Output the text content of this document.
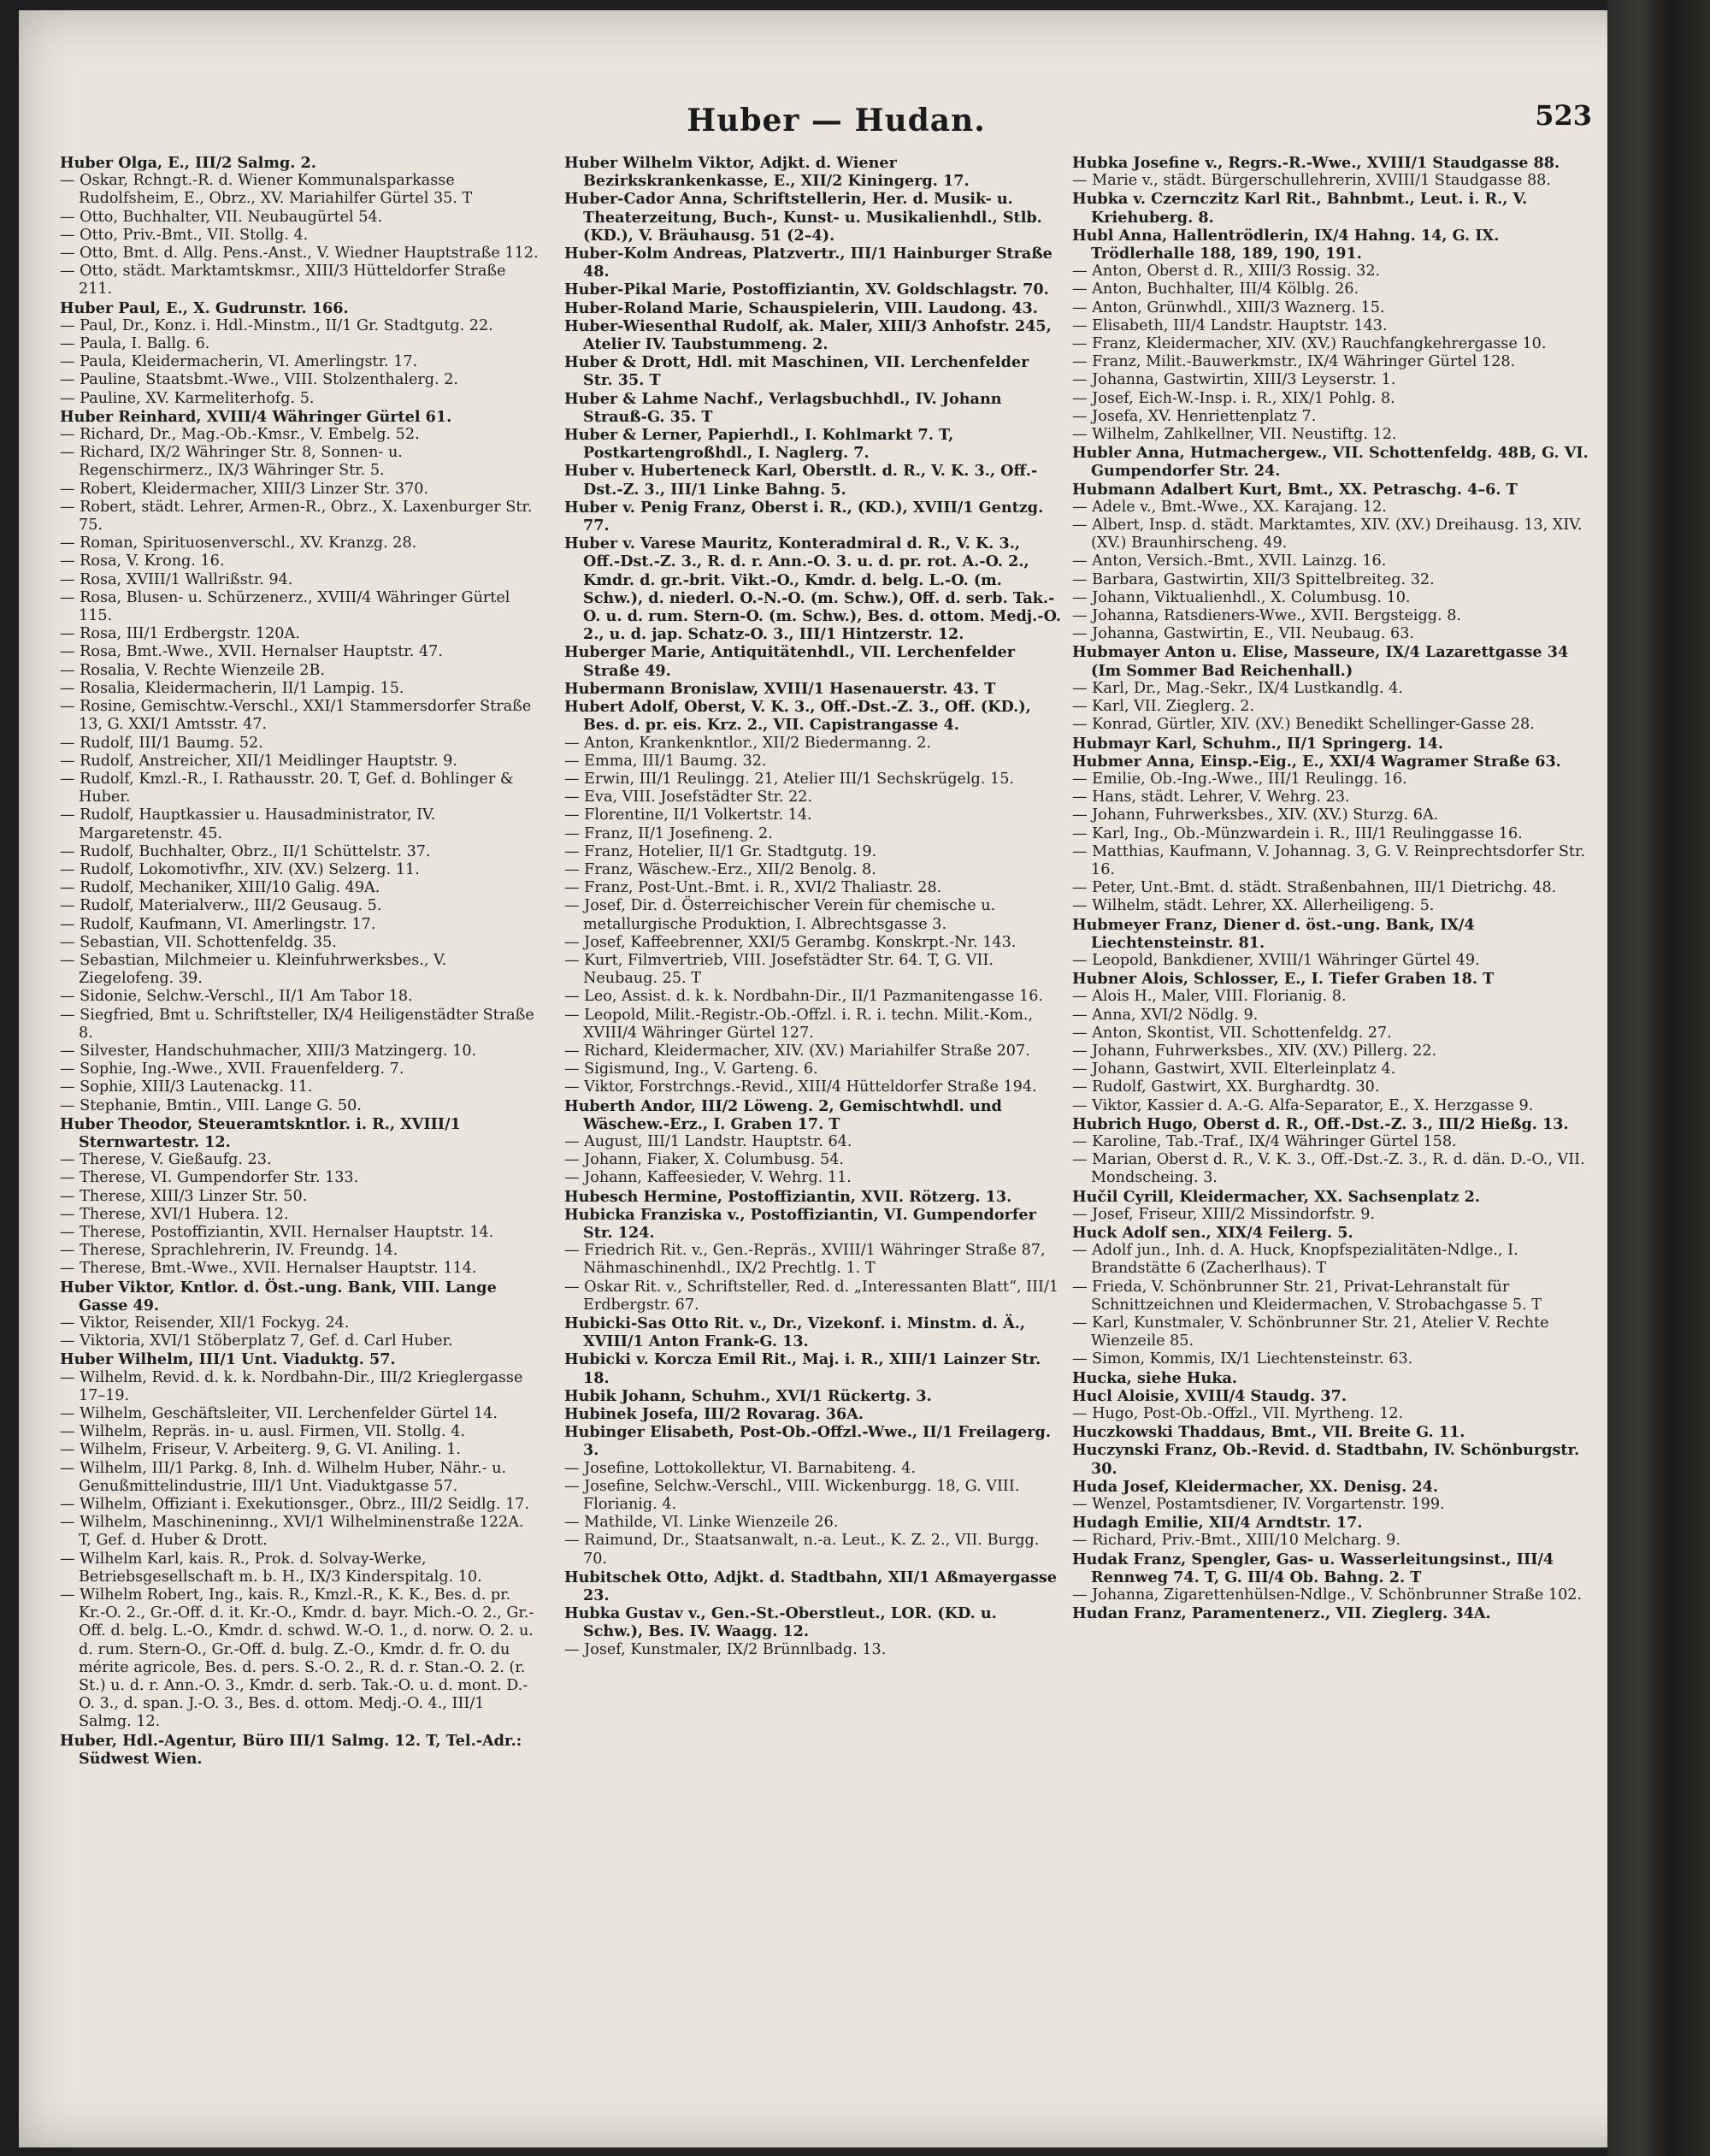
Huber — Hudan.	523

Huber Olga, E., III/2 Salmg. 2.

— Oskar, Rchngt.-R. d. Wiener Kommunalsparkasse Rudolfsheim, E., Obrz., XV. Mariahilfer Gürtel 35. T

— Otto, Buchhalter, VII. Neubaugürtel 54.

— Otto, Priv.-Bmt., VII. Stollg. 4.

— Otto, Bmt. d. Allg. Pens.-Anst., V. Wiedner Hauptstraße 112.

— Otto, städt. Marktamtskmsr., XIII/3 Hütteldorfer Straße 211.

Huber Paul, E., X. Gudrunstr. 166.

— Paul, Dr., Konz. i. Hdl.-Minstm., II/1 Gr. Stadtgutg. 22.

— Paula, I. Ballg. 6.

— Paula, Kleidermacherin, VI. Amerlingstr. 17.

— Pauline, Staatsbmt.-Wwe., VIII. Stolzenthalerg. 2.

— Pauline, XV. Karmeliterhofg. 5.

Huber Reinhard, XVIII/4 Währinger Gürtel 61.

— Richard, Dr., Mag.-Ob.-Kmsr., V. Embelg. 52.

— Richard, IX/2 Währinger Str. 8, Sonnen- u. Regenschirmerz., IX/3 Währinger Str. 5.

— Robert, Kleidermacher, XIII/3 Linzer Str. 370.

— Robert, städt. Lehrer, Armen-R., Obrz., X. Laxenburger Str. 75.

— Roman, Spirituosenverschl., XV. Kranzg. 28.

— Rosa, V. Krong. 16.

— Rosa, XVIII/1 Wallrißstr. 94.

— Rosa, Blusen- u. Schürzenerz., XVIII/4 Währinger Gürtel 115.

— Rosa, III/1 Erdbergstr. 120A.

— Rosa, Bmt.-Wwe., XVII. Hernalser Hauptstr. 47.

— Rosalia, V. Rechte Wienzeile 2B.

— Rosalia, Kleidermacherin, II/1 Lampig. 15.

— Rosine, Gemischtw.-Verschl., XXI/1 Stammersdorfer Straße 13, G. XXI/1 Amtsstr. 47.

— Rudolf, III/1 Baumg. 52.

— Rudolf, Anstreicher, XII/1 Meidlinger Hauptstr. 9.

— Rudolf, Kmzl.-R., I. Rathausstr. 20. T, Gef. d. Bohlinger & Huber.

— Rudolf, Hauptkassier u. Hausadministrator, IV. Margaretenstr. 45.

— Rudolf, Buchhalter, Obrz., II/1 Schüttelstr. 37.

— Rudolf, Lokomotivfhr., XIV. (XV.) Selzerg. 11.

— Rudolf, Mechaniker, XIII/10 Galig. 49A.

— Rudolf, Materialverw., III/2 Geusaug. 5.

— Rudolf, Kaufmann, VI. Amerlingstr. 17.

— Sebastian, VII. Schottenfeldg. 35.

— Sebastian, Milchmeier u. Kleinfuhrwerksbes., V. Ziegelofeng. 39.

— Sidonie, Selchw.-Verschl., II/1 Am Tabor 18.

— Siegfried, Bmt u. Schriftsteller, IX/4 Heiligenstädter Straße 8.

— Silvester, Handschuhmacher, XIII/3 Matzingerg. 10.

— Sophie, Ing.-Wwe., XVII. Frauenfelderg. 7.

— Sophie, XIII/3 Lautenackg. 11.

— Stephanie, Bmtin., VIII. Lange G. 50.

Huber Theodor, Steueramtskntlor. i. R., XVIII/1 Sternwartestr. 12.

— Therese, V. Gießaufg. 23.

— Therese, VI. Gumpendorfer Str. 133.

— Therese, XIII/3 Linzer Str. 50.

— Therese, XVI/1 Hubera. 12.

— Therese, Postoffiziantin, XVII. Hernalser Hauptstr. 14.

— Therese, Sprachlehrerin, IV. Freundg. 14.

— Therese, Bmt.-Wwe., XVII. Hernalser Hauptstr. 114.

Huber Viktor, Kntlor. d. Öst.-ung. Bank, VIII. Lange Gasse 49.

— Viktor, Reisender, XII/1 Fockyg. 24.

— Viktoria, XVI/1 Stöberplatz 7, Gef. d. Carl Huber.

Huber Wilhelm, III/1 Unt. Viaduktg. 57.

— Wilhelm, Revid. d. k. k. Nordbahn-Dir., III/2 Krieglergasse 17–19.

— Wilhelm, Geschäftsleiter, VII. Lerchenfelder Gürtel 14.

— Wilhelm, Repräs. in- u. ausl. Firmen, VII. Stollg. 4.

— Wilhelm, Friseur, V. Arbeiterg. 9, G. VI. Aniling. 1.

— Wilhelm, III/1 Parkg. 8, Inh. d. Wilhelm Huber, Nähr.- u. Genußmittelindustrie, III/1 Unt. Viaduktgasse 57.

— Wilhelm, Offiziant i. Exekutionsger., Obrz., III/2 Seidlg. 17.

— Wilhelm, Maschineninng., XVI/1 Wilhelminenstraße 122A. T, Gef. d. Huber & Drott.

— Wilhelm Karl, kais. R., Prok. d. Solvay-Werke, Betriebsgesellschaft m. b. H., IX/3 Kinderspitalg. 10.

— Wilhelm Robert, Ing., kais. R., Kmzl.-R., K. K., Bes. d. pr. Kr.-O. 2., Gr.-Off. d. it. Kr.-O., Kmdr. d. bayr. Mich.-O. 2., Gr.-Off. d. belg. L.-O., Kmdr. d. schwd. W.-O. 1., d. norw. O. 2. u. d. rum. Stern-O., Gr.-Off. d. bulg. Z.-O., Kmdr. d. fr. O. du mérite agricole, Bes. d. pers. S.-O. 2., R. d. r. Stan.-O. 2. (r. St.) u. d. r. Ann.-O. 3., Kmdr. d. serb. Tak.-O. u. d. mont. D.-O. 3., d. span. J.-O. 3., Bes. d. ottom. Medj.-O. 4., III/1 Salmg. 12.

Huber, Hdl.-Agentur, Büro III/1 Salmg. 12. T, Tel.-Adr.: Südwest Wien.

Huber Wilhelm Viktor, Adjkt. d. Wiener Bezirkskrankenkasse, E., XII/2 Kiningerg. 17.

Huber-Cador Anna, Schriftstellerin, Her. d. Musik- u. Theaterzeitung, Buch-, Kunst- u. Musikalienhdl., Stlb. (KD.), V. Bräuhausg. 51 (2–4).

Huber-Kolm Andreas, Platzvertr., III/1 Hainburger Straße 48.

Huber-Pikal Marie, Postoffiziantin, XV. Goldschlagstr. 70.

Huber-Roland Marie, Schauspielerin, VIII. Laudong. 43.

Huber-Wiesenthal Rudolf, ak. Maler, XIII/3 Anhofstr. 245, Atelier IV. Taubstummeng. 2.

Huber & Drott, Hdl. mit Maschinen, VII. Lerchenfelder Str. 35. T

Huber & Lahme Nachf., Verlagsbuchhdl., IV. Johann Strauß-G. 35. T

Huber & Lerner, Papierhdl., I. Kohlmarkt 7. T, Postkartengroßhdl., I. Naglerg. 7.

Huber v. Huberteneck Karl, Oberstlt. d. R., V. K. 3., Off.-Dst.-Z. 3., III/1 Linke Bahng. 5.

Huber v. Penig Franz, Oberst i. R., (KD.), XVIII/1 Gentzg. 77.

Huber v. Varese Mauritz, Konteradmiral d. R., V. K. 3., Off.-Dst.-Z. 3., R. d. r. Ann.-O. 3. u. d. pr. rot. A.-O. 2., Kmdr. d. gr.-brit. Vikt.-O., Kmdr. d. belg. L.-O. (m. Schw.), d. niederl. O.-N.-O. (m. Schw.), Off. d. serb. Tak.-O. u. d. rum. Stern-O. (m. Schw.), Bes. d. ottom. Medj.-O. 2., u. d. jap. Schatz-O. 3., III/1 Hintzerstr. 12.

Huberger Marie, Antiquitätenhdl., VII. Lerchenfelder Straße 49.

Hubermann Bronislaw, XVIII/1 Hasenauerstr. 43. T

Hubert Adolf, Oberst, V. K. 3., Off.-Dst.-Z. 3., Off. (KD.), Bes. d. pr. eis. Krz. 2., VII. Capistrangasse 4.

— Anton, Krankenkntlor., XII/2 Biedermanng. 2.

— Emma, III/1 Baumg. 32.

— Erwin, III/1 Reulingg. 21, Atelier III/1 Sechskrügelg. 15.

— Eva, VIII. Josefstädter Str. 22.

— Florentine, II/1 Volkertstr. 14.

— Franz, II/1 Josefineng. 2.

— Franz, Hotelier, II/1 Gr. Stadtgutg. 19.

— Franz, Wäschew.-Erz., XII/2 Benolg. 8.

— Franz, Post-Unt.-Bmt. i. R., XVI/2 Thaliastr. 28.

— Josef, Dir. d. Österreichischer Verein für chemische u. metallurgische Produktion, I. Albrechtsgasse 3.

— Josef, Kaffeebrenner, XXI/5 Gerambg. Konskrpt.-Nr. 143.

— Kurt, Filmvertrieb, VIII. Josefstädter Str. 64. T, G. VII. Neubaug. 25. T

— Leo, Assist. d. k. k. Nordbahn-Dir., II/1 Pazmanitengasse 16.

— Leopold, Milit.-Registr.-Ob.-Offzl. i. R. i. techn. Milit.-Kom., XVIII/4 Währinger Gürtel 127.

— Richard, Kleidermacher, XIV. (XV.) Mariahilfer Straße 207.

— Sigismund, Ing., V. Garteng. 6.

— Viktor, Forstrchngs.-Revid., XIII/4 Hütteldorfer Straße 194.

Huberth Andor, III/2 Löweng. 2, Gemischtwhdl. und Wäschew.-Erz., I. Graben 17. T

— August, III/1 Landstr. Hauptstr. 64.

— Johann, Fiaker, X. Columbusg. 54.

— Johann, Kaffeesieder, V. Wehrg. 11.

Hubesch Hermine, Postoffiziantin, XVII. Rötzerg. 13.

Hubicka Franziska v., Postoffiziantin, VI. Gumpendorfer Str. 124.

— Friedrich Rit. v., Gen.-Repräs., XVIII/1 Währinger Straße 87, Nähmaschinenhdl., IX/2 Prechtlg. 1. T

— Oskar Rit. v., Schriftsteller, Red. d. „Interessanten Blatt“, III/1 Erdbergstr. 67.

Hubicki-Sas Otto Rit. v., Dr., Vizekonf. i. Minstm. d. Ä., XVIII/1 Anton Frank-G. 13.

Hubicki v. Korcza Emil Rit., Maj. i. R., XIII/1 Lainzer Str. 18.

Hubik Johann, Schuhm., XVI/1 Rückertg. 3.

Hubinek Josefa, III/2 Rovarag. 36A.

Hubinger Elisabeth, Post-Ob.-Offzl.-Wwe., II/1 Freilagerg. 3.

— Josefine, Lottokollektur, VI. Barnabiteng. 4.

— Josefine, Selchw.-Verschl., VIII. Wickenburgg. 18, G. VIII. Florianig. 4.

— Mathilde, VI. Linke Wienzeile 26.

— Raimund, Dr., Staatsanwalt, n.-a. Leut., K. Z. 2., VII. Burgg. 70.

Hubitschek Otto, Adjkt. d. Stadtbahn, XII/1 Aßmayergasse 23.

Hubka Gustav v., Gen.-St.-Oberstleut., LOR. (KD. u. Schw.), Bes. IV. Waagg. 12.

— Josef, Kunstmaler, IX/2 Brünnlbadg. 13.

Hubka Josefine v., Regrs.-R.-Wwe., XVIII/1 Staudgasse 88.

— Marie v., städt. Bürgerschullehrerin, XVIII/1 Staudgasse 88.

Hubka v. Czernczitz Karl Rit., Bahnbmt., Leut. i. R., V. Kriehuberg. 8.

Hubl Anna, Hallentrödlerin, IX/4 Hahng. 14, G. IX. Trödlerhalle 188, 189, 190, 191.

— Anton, Oberst d. R., XIII/3 Rossig. 32.

— Anton, Buchhalter, III/4 Kölblg. 26.

— Anton, Grünwhdl., XIII/3 Waznerg. 15.

— Elisabeth, III/4 Landstr. Hauptstr. 143.

— Franz, Kleidermacher, XIV. (XV.) Rauchfangkehrergasse 10.

— Franz, Milit.-Bauwerkmstr., IX/4 Währinger Gürtel 128.

— Johanna, Gastwirtin, XIII/3 Leyserstr. 1.

— Josef, Eich-W.-Insp. i. R., XIX/1 Pohlg. 8.

— Josefa, XV. Henriettenplatz 7.

— Wilhelm, Zahlkellner, VII. Neustiftg. 12.

Hubler Anna, Hutmachergew., VII. Schottenfeldg. 48B, G. VI. Gumpendorfer Str. 24.

Hubmann Adalbert Kurt, Bmt., XX. Petraschg. 4–6. T

— Adele v., Bmt.-Wwe., XX. Karajang. 12.

— Albert, Insp. d. städt. Marktamtes, XIV. (XV.) Dreihausg. 13, XIV. (XV.) Braunhirscheng. 49.

— Anton, Versich.-Bmt., XVII. Lainzg. 16.

— Barbara, Gastwirtin, XII/3 Spittelbreiteg. 32.

— Johann, Viktualienhdl., X. Columbusg. 10.

— Johanna, Ratsdieners-Wwe., XVII. Bergsteigg. 8.

— Johanna, Gastwirtin, E., VII. Neubaug. 63.

Hubmayer Anton u. Elise, Masseure, IX/4 Lazarettgasse 34 (Im Sommer Bad Reichenhall.)

— Karl, Dr., Mag.-Sekr., IX/4 Lustkandlg. 4.

— Karl, VII. Zieglerg. 2.

— Konrad, Gürtler, XIV. (XV.) Benedikt Schellinger-Gasse 28.

Hubmayr Karl, Schuhm., II/1 Springerg. 14.

Hubmer Anna, Einsp.-Eig., E., XXI/4 Wagramer Straße 63.

— Emilie, Ob.-Ing.-Wwe., III/1 Reulingg. 16.

— Hans, städt. Lehrer, V. Wehrg. 23.

— Johann, Fuhrwerksbes., XIV. (XV.) Sturzg. 6A.

— Karl, Ing., Ob.-Münzwardein i. R., III/1 Reulinggasse 16.

— Matthias, Kaufmann, V. Johannag. 3, G. V. Reinprechtsdorfer Str. 16.

— Peter, Unt.-Bmt. d. städt. Straßenbahnen, III/1 Dietrichg. 48.

— Wilhelm, städt. Lehrer, XX. Allerheiligeng. 5.

Hubmeyer Franz, Diener d. öst.-ung. Bank, IX/4 Liechtensteinstr. 81.

— Leopold, Bankdiener, XVIII/1 Währinger Gürtel 49.

Hubner Alois, Schlosser, E., I. Tiefer Graben 18. T

— Alois H., Maler, VIII. Florianig. 8.

— Anna, XVI/2 Nödlg. 9.

— Anton, Skontist, VII. Schottenfeldg. 27.

— Johann, Fuhrwerksbes., XIV. (XV.) Pillerg. 22.

— Johann, Gastwirt, XVII. Elterleinplatz 4.

— Rudolf, Gastwirt, XX. Burghardtg. 30.

— Viktor, Kassier d. A.-G. Alfa-Separator, E., X. Herzgasse 9.

Hubrich Hugo, Oberst d. R., Off.-Dst.-Z. 3., III/2 Hießg. 13.

— Karoline, Tab.-Traf., IX/4 Währinger Gürtel 158.

— Marian, Oberst d. R., V. K. 3., Off.-Dst.-Z. 3., R. d. dän. D.-O., VII. Mondscheing. 3.

Hučil Cyrill, Kleidermacher, XX. Sachsenplatz 2.

— Josef, Friseur, XIII/2 Missindorfstr. 9.

Huck Adolf sen., XIX/4 Feilerg. 5.

— Adolf jun., Inh. d. A. Huck, Knopfspezialitäten-Ndlge., I. Brandstätte 6 (Zacherlhaus). T

— Frieda, V. Schönbrunner Str. 21, Privat-Lehranstalt für Schnittzeichnen und Kleidermachen, V. Strobachgasse 5. T

— Karl, Kunstmaler, V. Schönbrunner Str. 21, Atelier V. Rechte Wienzeile 85.

— Simon, Kommis, IX/1 Liechtensteinstr. 63.

Hucka, siehe Huka.

Hucl Aloisie, XVIII/4 Staudg. 37.

— Hugo, Post-Ob.-Offzl., VII. Myrtheng. 12.

Huczkowski Thaddaus, Bmt., VII. Breite G. 11.

Huczynski Franz, Ob.-Revid. d. Stadtbahn, IV. Schönburgstr. 30.

Huda Josef, Kleidermacher, XX. Denisg. 24.

— Wenzel, Postamtsdiener, IV. Vorgartenstr. 199.

Hudagh Emilie, XII/4 Arndtstr. 17.

— Richard, Priv.-Bmt., XIII/10 Melcharg. 9.

Hudak Franz, Spengler, Gas- u. Wasserleitungsinst., III/4 Rennweg 74. T, G. III/4 Ob. Bahng. 2. T

— Johanna, Zigarettenhülsen-Ndlge., V. Schönbrunner Straße 102.

Hudan Franz, Paramentenerz., VII. Zieglerg. 34A.
